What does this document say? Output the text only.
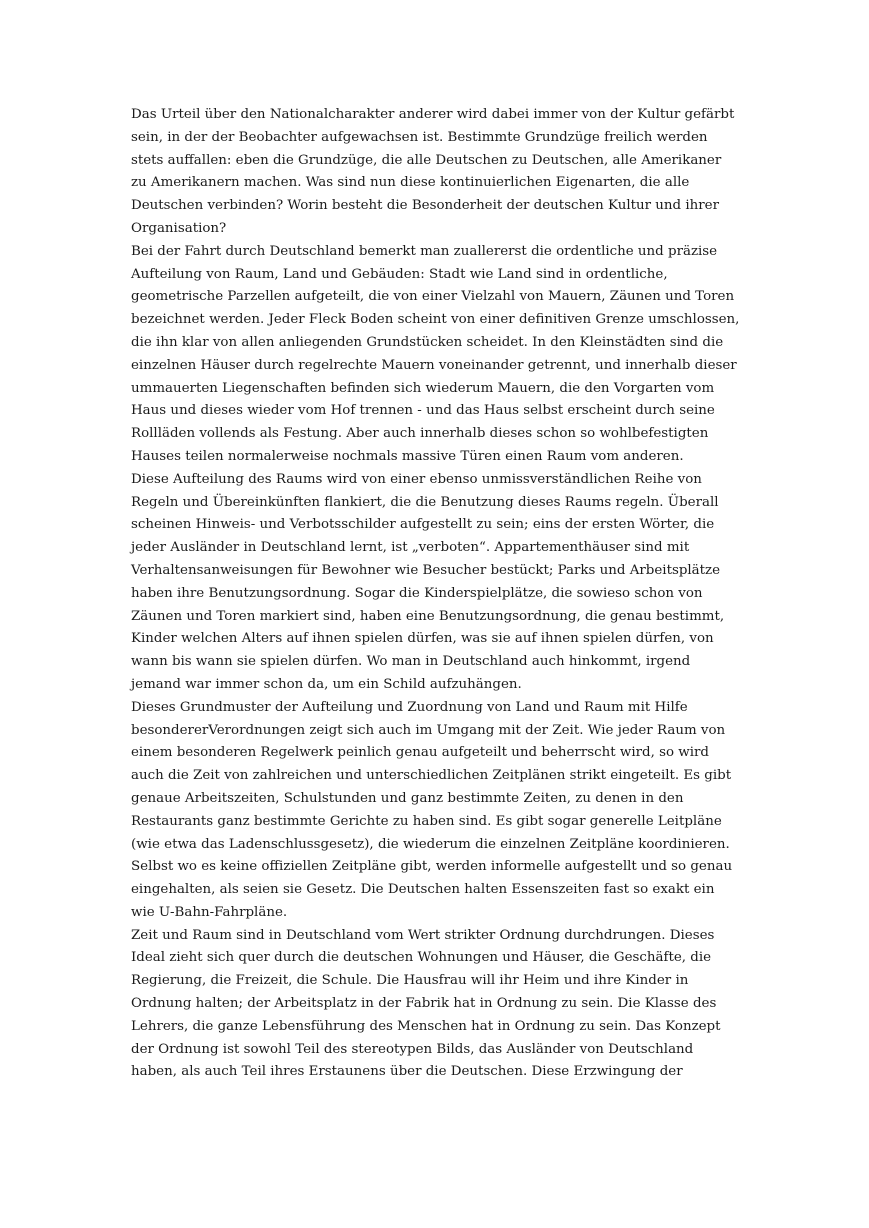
Das Urteil über den Nationalcharakter anderer wird dabei immer von der Kultur gefärbt sein, in der der Beobachter aufgewachsen ist. Bestimmte Grundzüge freilich werden stets auffallen: eben die Grundzüge, die alle Deutschen zu Deutschen, alle Amerikaner zu Amerikanern machen. Was sind nun diese kontinuierlichen Eigenarten, die alle Deutschen verbinden? Worin besteht die Besonderheit der deutschen Kultur und ihrer Organisation?

Bei der Fahrt durch Deutschland bemerkt man zuallererst die ordentliche und präzise Aufteilung von Raum, Land und Gebäuden: Stadt wie Land sind in ordentliche, geometrische Parzellen aufgeteilt, die von einer Vielzahl von Mauern, Zäunen und Toren bezeichnet werden. Jeder Fleck Boden scheint von einer definitiven Grenze umschlossen, die ihn klar von allen anliegenden Grundstücken scheidet. In den Kleinstädten sind die einzelnen Häuser durch regelrechte Mauern voneinander getrennt, und innerhalb dieser ummauerten Liegenschaften befinden sich wiederum Mauern, die den Vorgarten vom Haus und dieses wieder vom Hof trennen - und das Haus selbst erscheint durch seine Rollläden vollends als Festung. Aber auch innerhalb dieses schon so wohlbefestigten Hauses teilen normalerweise nochmals massive Türen einen Raum vom anderen.

Diese Aufteilung des Raums wird von einer ebenso unmissverständlichen Reihe von Regeln und Übereinkünften flankiert, die die Benutzung dieses Raums regeln. Überall scheinen Hinweis- und Verbotsschilder aufgestellt zu sein; eins der ersten Wörter, die jeder Ausländer in Deutschland lernt, ist „verboten“. Appartementhäuser sind mit Verhaltensanweisungen für Bewohner wie Besucher bestückt; Parks und Arbeitsplätze haben ihre Benutzungsordnung. Sogar die Kinderspielplätze, die sowieso schon von Zäunen und Toren markiert sind, haben eine Benutzungsordnung, die genau bestimmt, Kinder welchen Alters auf ihnen spielen dürfen, was sie auf ihnen spielen dürfen, von wann bis wann sie spielen dürfen. Wo man in Deutschland auch hinkommt, irgend jemand war immer schon da, um ein Schild aufzuhängen.

Dieses Grundmuster der Aufteilung und Zuordnung von Land und Raum mit Hilfe besondererVerordnungen zeigt sich auch im Umgang mit der Zeit. Wie jeder Raum von einem besonderen Regelwerk peinlich genau aufgeteilt und beherrscht wird, so wird auch die Zeit von zahlreichen und unterschiedlichen Zeitplänen strikt eingeteilt. Es gibt genaue Arbeitszeiten, Schulstunden und ganz bestimmte Zeiten, zu denen in den Restaurants ganz bestimmte Gerichte zu haben sind. Es gibt sogar generelle Leitpläne (wie etwa das Ladenschlussgesetz), die wiederum die einzelnen Zeitpläne koordinieren. Selbst wo es keine offiziellen Zeitpläne gibt, werden informelle aufgestellt und so genau eingehalten, als seien sie Gesetz. Die Deutschen halten Essenszeiten fast so exakt ein wie U-Bahn-Fahrpläne.

Zeit und Raum sind in Deutschland vom Wert strikter Ordnung durchdrungen. Dieses Ideal zieht sich quer durch die deutschen Wohnungen und Häuser, die Geschäfte, die Regierung, die Freizeit, die Schule. Die Hausfrau will ihr Heim und ihre Kinder in Ordnung halten; der Arbeitsplatz in der Fabrik hat in Ordnung zu sein. Die Klasse des Lehrers, die ganze Lebensführung des Menschen hat in Ordnung zu sein. Das Konzept der Ordnung ist sowohl Teil des stereotypen Bilds, das Ausländer von Deutschland haben, als auch Teil ihres Erstaunens über die Deutschen. Diese Erzwingung der
